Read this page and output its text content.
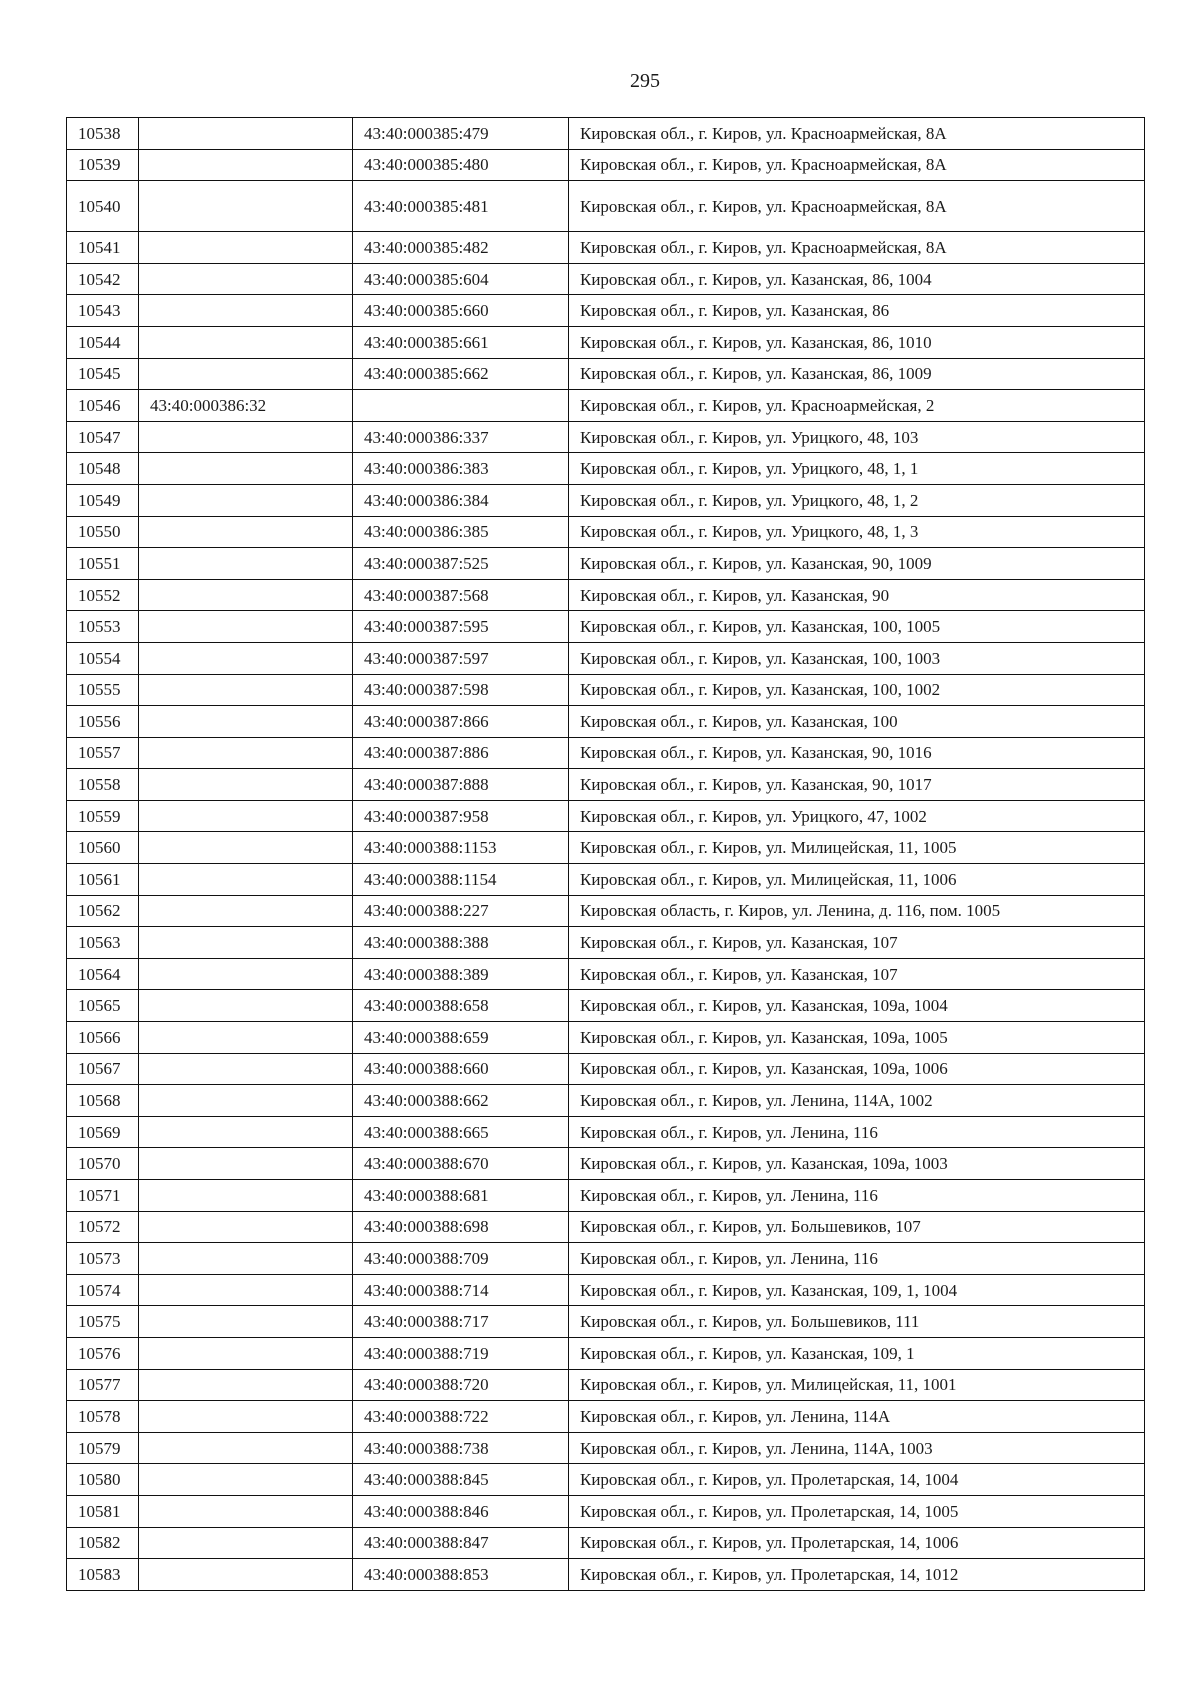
295
10538		43:40:000385:479	Кировская обл., г. Киров, ул. Красноармейская, 8А
10539		43:40:000385:480	Кировская обл., г. Киров, ул. Красноармейская, 8А
10540		43:40:000385:481	Кировская обл., г. Киров, ул. Красноармейская, 8А
10541		43:40:000385:482	Кировская обл., г. Киров, ул. Красноармейская, 8А
10542		43:40:000385:604	Кировская обл., г. Киров, ул. Казанская, 86, 1004
10543		43:40:000385:660	Кировская обл., г. Киров, ул. Казанская, 86
10544		43:40:000385:661	Кировская обл., г. Киров, ул. Казанская, 86, 1010
10545		43:40:000385:662	Кировская обл., г. Киров, ул. Казанская, 86, 1009
10546	43:40:000386:32		Кировская обл., г. Киров, ул. Красноармейская, 2
10547		43:40:000386:337	Кировская обл., г. Киров, ул. Урицкого, 48, 103
10548		43:40:000386:383	Кировская обл., г. Киров, ул. Урицкого, 48, 1, 1
10549		43:40:000386:384	Кировская обл., г. Киров, ул. Урицкого, 48, 1, 2
10550		43:40:000386:385	Кировская обл., г. Киров, ул. Урицкого, 48, 1, 3
10551		43:40:000387:525	Кировская обл., г. Киров, ул. Казанская, 90, 1009
10552		43:40:000387:568	Кировская обл., г. Киров, ул. Казанская, 90
10553		43:40:000387:595	Кировская обл., г. Киров, ул. Казанская, 100, 1005
10554		43:40:000387:597	Кировская обл., г. Киров, ул. Казанская, 100, 1003
10555		43:40:000387:598	Кировская обл., г. Киров, ул. Казанская, 100, 1002
10556		43:40:000387:866	Кировская обл., г. Киров, ул. Казанская, 100
10557		43:40:000387:886	Кировская обл., г. Киров, ул. Казанская, 90, 1016
10558		43:40:000387:888	Кировская обл., г. Киров, ул. Казанская, 90, 1017
10559		43:40:000387:958	Кировская обл., г. Киров, ул. Урицкого, 47, 1002
10560		43:40:000388:1153	Кировская обл., г. Киров, ул. Милицейская, 11, 1005
10561		43:40:000388:1154	Кировская обл., г. Киров, ул. Милицейская, 11, 1006
10562		43:40:000388:227	Кировская область, г. Киров, ул. Ленина, д. 116, пом. 1005
10563		43:40:000388:388	Кировская обл., г. Киров, ул. Казанская, 107
10564		43:40:000388:389	Кировская обл., г. Киров, ул. Казанская, 107
10565		43:40:000388:658	Кировская обл., г. Киров, ул. Казанская, 109а, 1004
10566		43:40:000388:659	Кировская обл., г. Киров, ул. Казанская, 109а, 1005
10567		43:40:000388:660	Кировская обл., г. Киров, ул. Казанская, 109а, 1006
10568		43:40:000388:662	Кировская обл., г. Киров, ул. Ленина, 114А, 1002
10569		43:40:000388:665	Кировская обл., г. Киров, ул. Ленина, 116
10570		43:40:000388:670	Кировская обл., г. Киров, ул. Казанская, 109а, 1003
10571		43:40:000388:681	Кировская обл., г. Киров, ул. Ленина, 116
10572		43:40:000388:698	Кировская обл., г. Киров, ул. Большевиков, 107
10573		43:40:000388:709	Кировская обл., г. Киров, ул. Ленина, 116
10574		43:40:000388:714	Кировская обл., г. Киров, ул. Казанская, 109, 1, 1004
10575		43:40:000388:717	Кировская обл., г. Киров, ул. Большевиков, 111
10576		43:40:000388:719	Кировская обл., г. Киров, ул. Казанская, 109, 1
10577		43:40:000388:720	Кировская обл., г. Киров, ул. Милицейская, 11, 1001
10578		43:40:000388:722	Кировская обл., г. Киров, ул. Ленина, 114А
10579		43:40:000388:738	Кировская обл., г. Киров, ул. Ленина, 114А, 1003
10580		43:40:000388:845	Кировская обл., г. Киров, ул. Пролетарская, 14, 1004
10581		43:40:000388:846	Кировская обл., г. Киров, ул. Пролетарская, 14, 1005
10582		43:40:000388:847	Кировская обл., г. Киров, ул. Пролетарская, 14, 1006
10583		43:40:000388:853	Кировская обл., г. Киров, ул. Пролетарская, 14, 1012
